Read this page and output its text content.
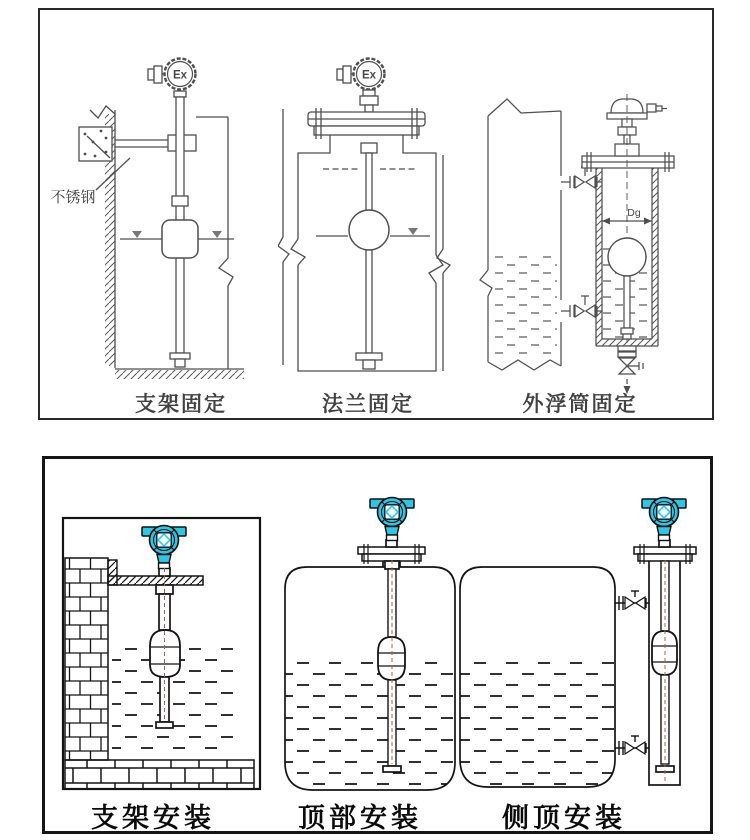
不锈钢
Ex	Ex
Dg
支架固定	法兰固定	外浮筒固定
支架安装	顶部安装	侧顶安装
